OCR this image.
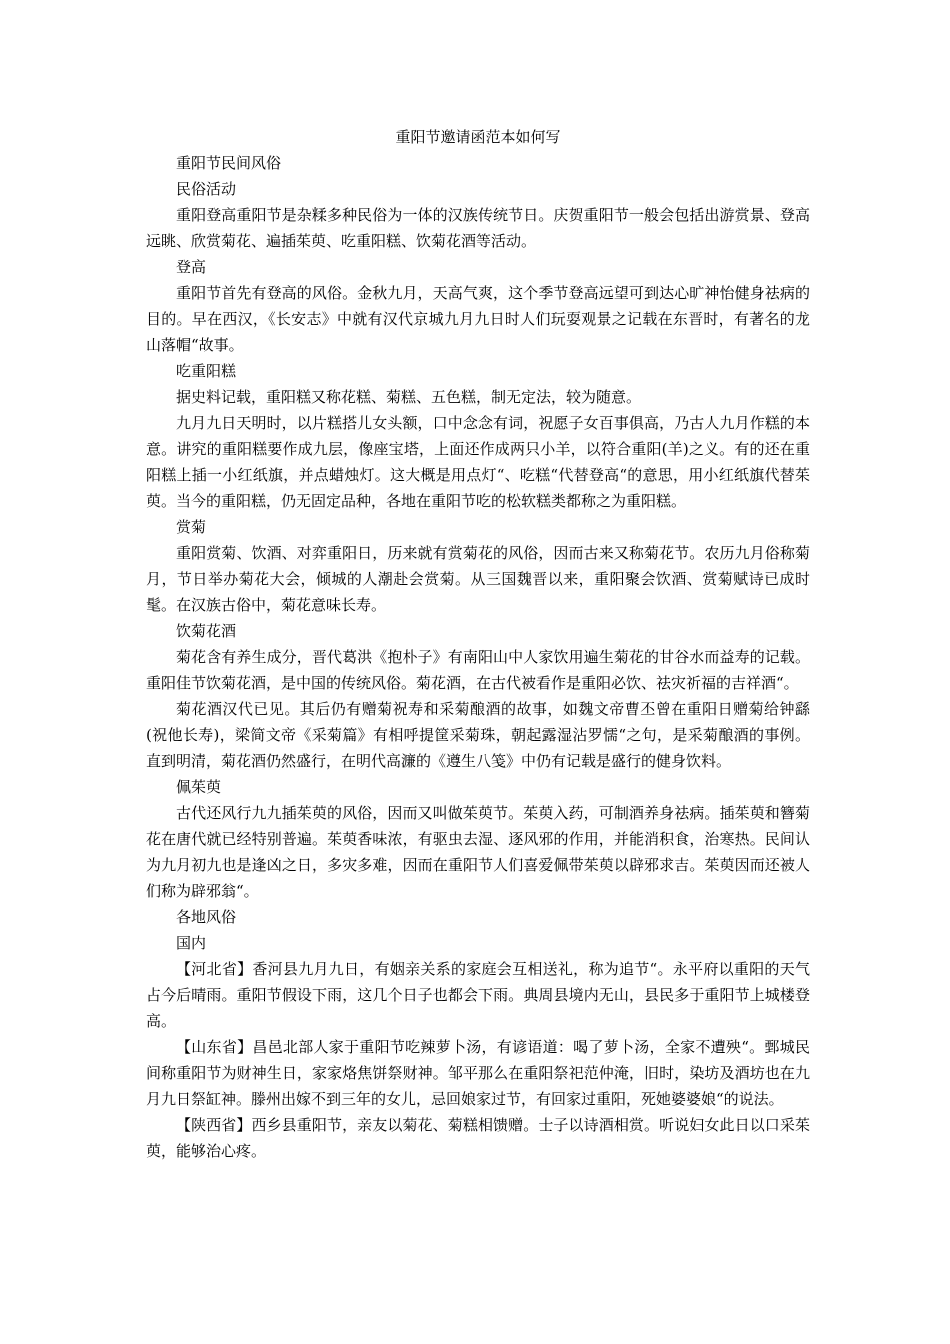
重阳节邀请函范本如何写

重阳节民间风俗

民俗活动

重阳登高重阳节是杂糅多种民俗为一体的汉族传统节日。庆贺重阳节一般会包括出游赏景、登高远眺、欣赏菊花、遍插茱萸、吃重阳糕、饮菊花酒等活动。

登高

重阳节首先有登高的风俗。金秋九月，天高气爽，这个季节登高远望可到达心旷神怡健身祛病的目的。早在西汉，《长安志》中就有汉代京城九月九日时人们玩耍观景之记载在东晋时，有著名的龙山落帽“故事。

吃重阳糕

据史料记载，重阳糕又称花糕、菊糕、五色糕，制无定法，较为随意。

九月九日天明时，以片糕搭儿女头额，口中念念有词，祝愿子女百事俱高，乃古人九月作糕的本意。讲究的重阳糕要作成九层，像座宝塔，上面还作成两只小羊，以符合重阳(羊)之义。有的还在重阳糕上插一小红纸旗，并点蜡烛灯。这大概是用点灯“、吃糕“代替登高“的意思，用小红纸旗代替茱萸。当今的重阳糕，仍无固定品种，各地在重阳节吃的松软糕类都称之为重阳糕。

赏菊

重阳赏菊、饮酒、对弈重阳日，历来就有赏菊花的风俗，因而古来又称菊花节。农历九月俗称菊月，节日举办菊花大会，倾城的人潮赴会赏菊。从三国魏晋以来，重阳聚会饮酒、赏菊赋诗已成时髦。在汉族古俗中，菊花意味长寿。

饮菊花酒

菊花含有养生成分，晋代葛洪《抱朴子》有南阳山中人家饮用遍生菊花的甘谷水而益寿的记载。重阳佳节饮菊花酒，是中国的传统风俗。菊花酒，在古代被看作是重阳必饮、祛灾祈福的吉祥酒“。

菊花酒汉代已见。其后仍有赠菊祝寿和采菊酿酒的故事，如魏文帝曹丕曾在重阳日赠菊给钟繇(祝他长寿)，梁简文帝《采菊篇》有相呼提筐采菊珠，朝起露湿沾罗懦“之句，是采菊酿酒的事例。直到明清，菊花酒仍然盛行，在明代高濂的《遵生八笺》中仍有记载是盛行的健身饮料。

佩茱萸

古代还风行九九插茱萸的风俗，因而又叫做茱萸节。茱萸入药，可制酒养身祛病。插茱萸和簪菊花在唐代就已经特别普遍。茱萸香味浓，有驱虫去湿、逐风邪的作用，并能消积食，治寒热。民间认为九月初九也是逢凶之日，多灾多难，因而在重阳节人们喜爱佩带茱萸以辟邪求吉。茱萸因而还被人们称为辟邪翁“。

各地风俗

国内

【河北省】香河县九月九日，有姻亲关系的家庭会互相送礼，称为追节“。永平府以重阳的天气占今后晴雨。重阳节假设下雨，这几个日子也都会下雨。典周县境内无山，县民多于重阳节上城楼登高。

【山东省】昌邑北部人家于重阳节吃辣萝卜汤，有谚语道：喝了萝卜汤，全家不遭殃“。鄄城民间称重阳节为财神生日，家家烙焦饼祭财神。邹平那么在重阳祭祀范仲淹，旧时，染坊及酒坊也在九月九日祭缸神。滕州出嫁不到三年的女儿，忌回娘家过节，有回家过重阳，死她婆婆娘“的说法。

【陕西省】西乡县重阳节，亲友以菊花、菊糕相馈赠。士子以诗酒相赏。听说妇女此日以口采茱萸，能够治心疼。
